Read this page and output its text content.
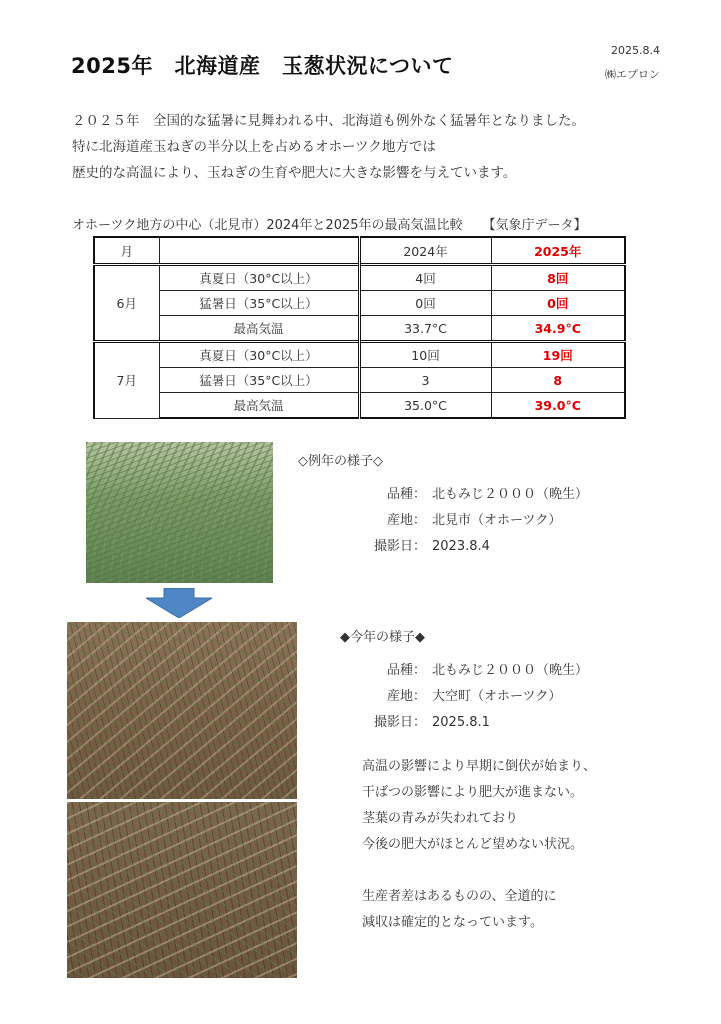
2025年　北海道産　玉葱状況について
2025.8.4
㈱エプロン
２０２５年　全国的な猛暑に見舞われる中、北海道も例外なく猛暑年となりました。
特に北海道産玉ねぎの半分以上を占めるオホーツク地方では
歴史的な高温により、玉ねぎの生育や肥大に大きな影響を与えています。
オホーツク地方の中心（北見市）2024年と2025年の最高気温比較 【気象庁データ】
月		2024年	2025年
6月	真夏日（30°C以上）	4回	8回
	猛暑日（35°C以上）	0回	0回
	最高気温	33.7°C	34.9°C
7月	真夏日（30°C以上）	10回	19回
	猛暑日（35°C以上）	3	8
	最高気温	35.0°C	39.0°C
◇例年の様子◇
品種： 北もみじ２０００（晩生）
産地： 北見市（オホーツク）
撮影日： 2023.8.4
◆今年の様子◆
品種： 北もみじ２０００（晩生）
産地： 大空町（オホーツク）
撮影日： 2025.8.1
高温の影響により早期に倒伏が始まり、
干ばつの影響により肥大が進まない。
茎葉の青みが失われており
今後の肥大がほとんど望めない状況。
生産者差はあるものの、全道的に
減収は確定的となっています。
